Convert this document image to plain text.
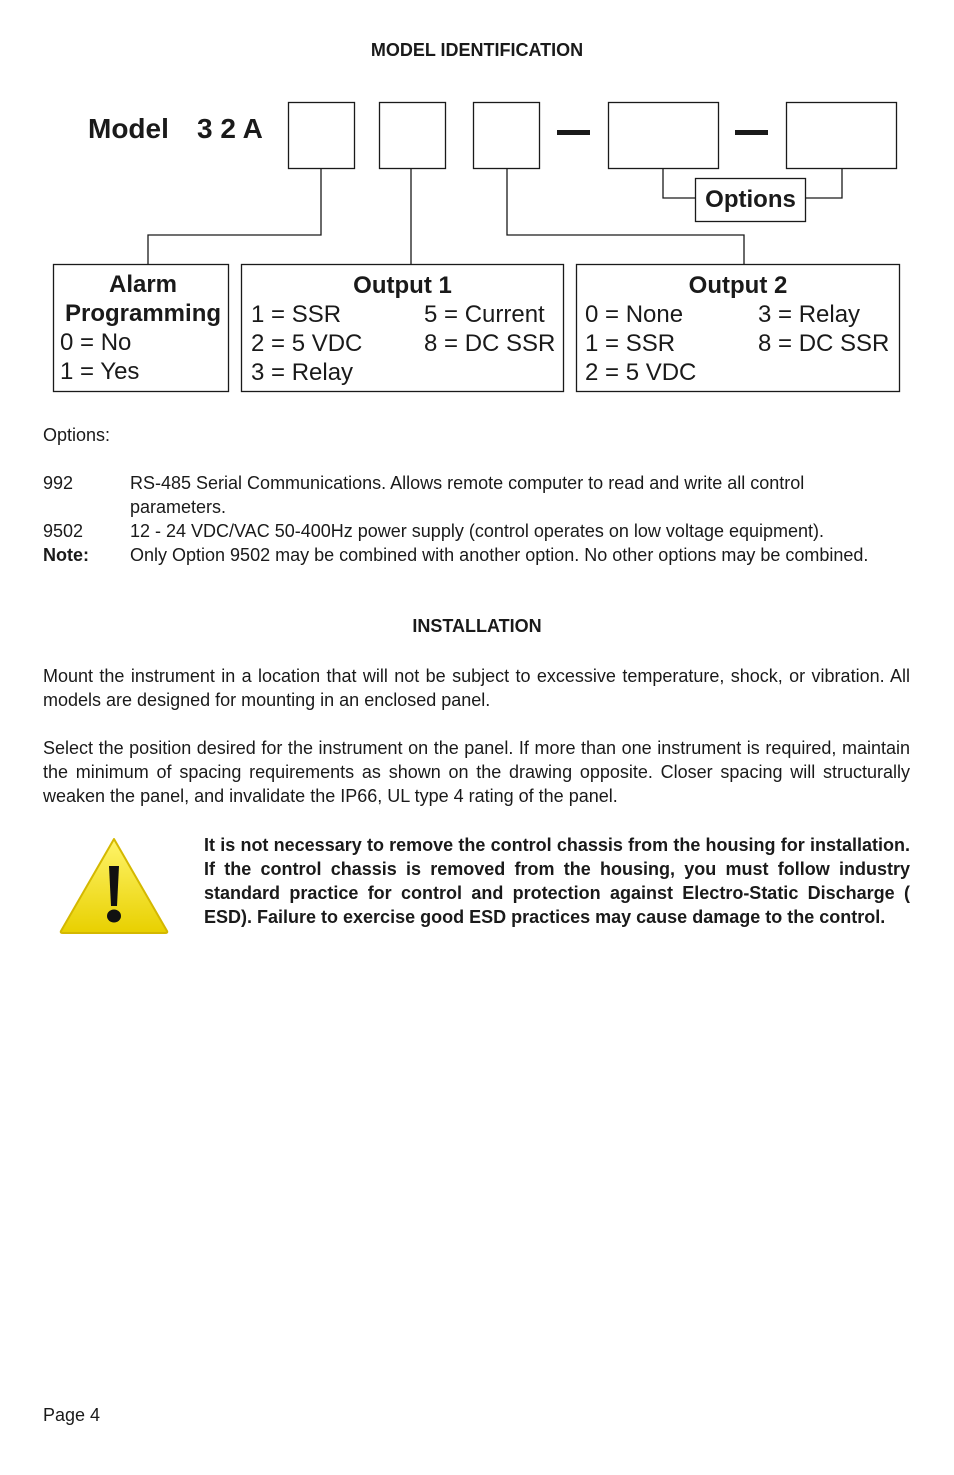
MODEL IDENTIFICATION
Model 3 2 A
Options
Alarm
Programming
0 = No
1 = Yes
Output 1
1 = SSR
2 = 5 VDC
3 = Relay
5 = Current
8 = DC SSR
Output 2
0 = None
1 = SSR
2 = 5 VDC
3 = Relay
8 = DC SSR
Options:
992	RS-485 Serial Communications. Allows remote computer to read and write all control parameters.
9502	12 - 24 VDC/VAC 50-400Hz power supply (control operates on low voltage equipment).
Note: Only Option 9502 may be combined with another option. No other options may be combined.
INSTALLATION
Mount the instrument in a location that will not be subject to excessive temperature, shock, or vibration. All models are designed for mounting in an enclosed panel.
Select the position desired for the instrument on the panel. If more than one instrument is required, maintain the minimum of spacing requirements as shown on the drawing opposite. Closer spacing will structurally weaken the panel, and invalidate the IP66, UL type 4 rating of the panel.
It is not necessary to remove the control chassis from the housing for installation. If the control chassis is removed from the housing, you must follow industry standard practice for control and protection against Electro-Static Discharge ( ESD). Failure to exercise good ESD practices may cause damage to the control.
Page 4
